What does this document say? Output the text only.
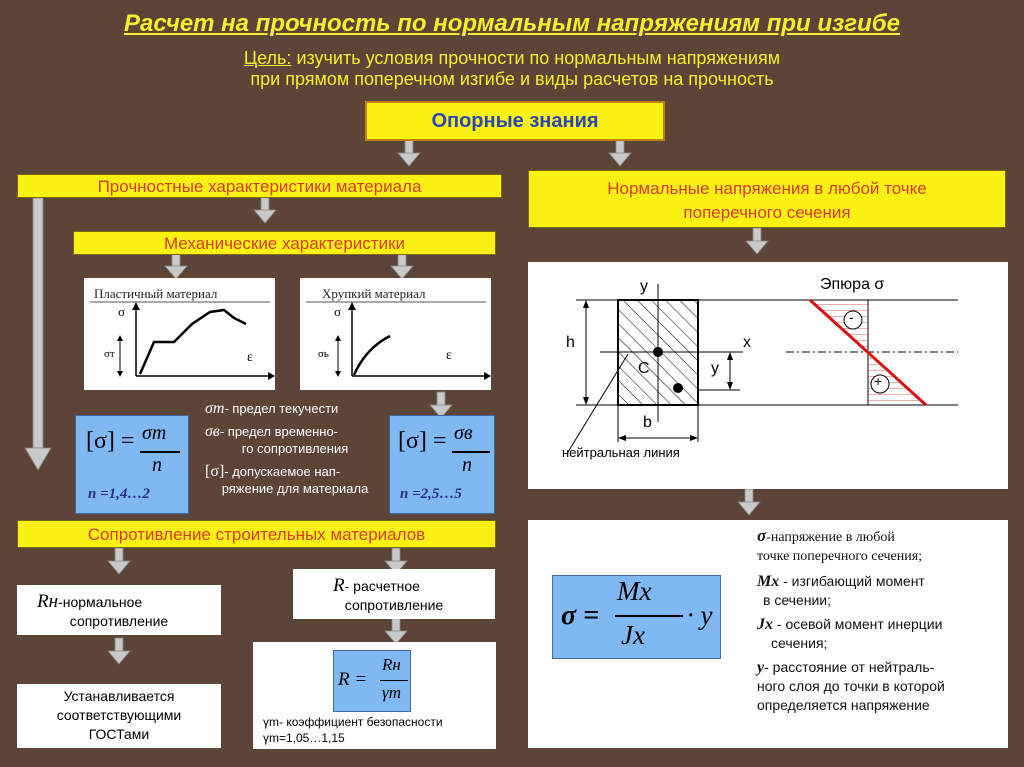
Расчет на прочность по нормальным напряжениям при изгибе
Цель: изучить условия прочности по нормальным напряжениям
при прямом поперечном изгибе и виды расчетов на прочность
Опорные знания
Прочностные характеристики материала	Нормальные напряжения в любой точке
поперечного сечения
Механические характеристики
Пластичный материал
σ
σт	ε
Хрупкий материал
σ
σь	ε
[σ] = σт
n
n =1,4…2
[σ] = σв
n
n =2,5…5
σт- предел текучести
σв- предел временно-
го сопротивления
[σ]- допускаемое нап-
ряжение для материала
y
x
h
C	y
b
нейтральная линия
Эпюра σ
-
+
Сопротивление строительных материалов
Rн-нормальное
сопротивление
R- расчетное
сопротивление
Устанавливается
соответствующими
ГОСТами
R =
Rн
γm
γm- коэффициент безопасности
γm=1,05…1,15
σ =
Mx
Jx
· y
σ-напряжение в любой
точке поперечного сечения;
Mx - изгибающий момент
в сечении;
Jx - осевой момент инерции
сечения;
y- расстояние от нейтраль-
ного слоя до точки в которой
определяется напряжение
